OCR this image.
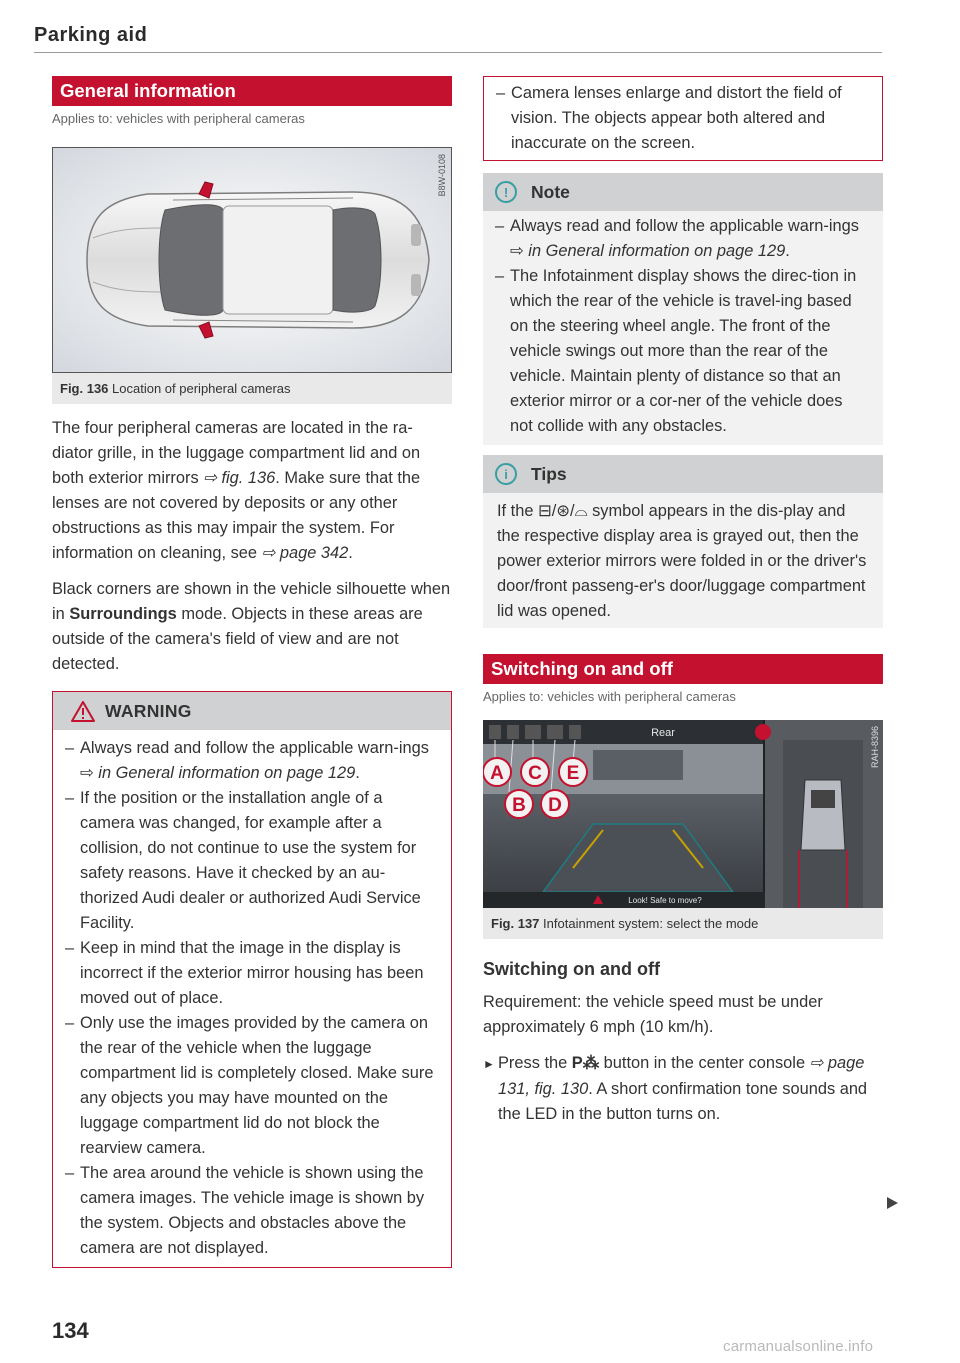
Parking aid
General information
Applies to: vehicles with peripheral cameras
B8W-0108
Fig. 136 Location of peripheral cameras

The four peripheral cameras are located in the ra-diator grille, in the luggage compartment lid and on both exterior mirrors ⇨ fig. 136. Make sure that the lenses are not covered by deposits or any other obstructions as this may impair the system. For information on cleaning, see ⇨ page 342.

Black corners are shown in the vehicle silhouette when in Surroundings mode. Objects in these areas are outside of the camera's field of view and are not detected.

WARNING
– Always read and follow the applicable warn-ings ⇨ in General information on page 129.
– If the position or the installation angle of a camera was changed, for example after a collision, do not continue to use the system for safety reasons. Have it checked by an au-thorized Audi dealer or authorized Audi Service Facility.
– Keep in mind that the image in the display is incorrect if the exterior mirror housing has been moved out of place.
– Only use the images provided by the camera on the rear of the vehicle when the luggage compartment lid is completely closed. Make sure any objects you may have mounted on the luggage compartment lid do not block the rearview camera.
– The area around the vehicle is shown using the camera images. The vehicle image is shown by the system. Objects and obstacles above the camera are not displayed.
– Camera lenses enlarge and distort the field of vision. The objects appear both altered and inaccurate on the screen.
!	Note
– Always read and follow the applicable warn-ings ⇨ in General information on page 129.
– The Infotainment display shows the direc-tion in which the rear of the vehicle is travel-ing based on the steering wheel angle. The front of the vehicle swings out more than the rear of the vehicle. Maintain plenty of distance so that an exterior mirror or a cor-ner of the vehicle does not collide with any obstacles.
i	Tips
If the ⊟/⊛/⌓ symbol appears in the dis-play and the respective display area is grayed out, then the power exterior mirrors were folded in or the driver's door/front passeng-er's door/luggage compartment lid was opened.
Switching on and off
Applies to: vehicles with peripheral cameras
A C E
B D
Rear
Look! Safe to move?
RAH-8396
Fig. 137 Infotainment system: select the mode
Switching on and off

Requirement: the vehicle speed must be under approximately 6 mph (10 km/h).

► Press the P⁂ button in the center console ⇨ page 131, fig. 130. A short confirmation tone sounds and the LED in the button turns on.

134
carmanualsonline.info
